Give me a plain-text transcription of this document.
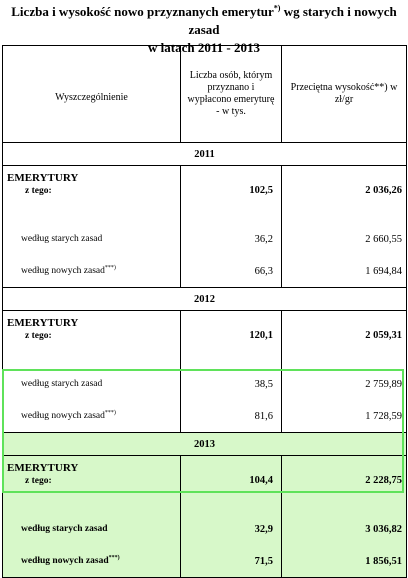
Liczba i wysokość nowo przyznanych emerytur*) wg starych i nowych zasad
w latach 2011 - 2013
Wyszczególnienie	Liczba osób, którym przyznano i wypłacono emeryturę - w tys.	Przeciętna wysokość**) w zł/gr
2011		

EMERYTURY
z tego:	102,5	2 036,26
według starych zasad	36,2	2 660,55
według nowych zasad***)	66,3	1 694,84
2012		

EMERYTURY
z tego:	120,1	2 059,31
według starych zasad	38,5	2 759,89
według nowych zasad***)	81,6	1 728,59
2013		

EMERYTURY
z tego:	104,4	2 228,75
według starych zasad	32,9	3 036,82
według nowych zasad***)	71,5	1 856,51
